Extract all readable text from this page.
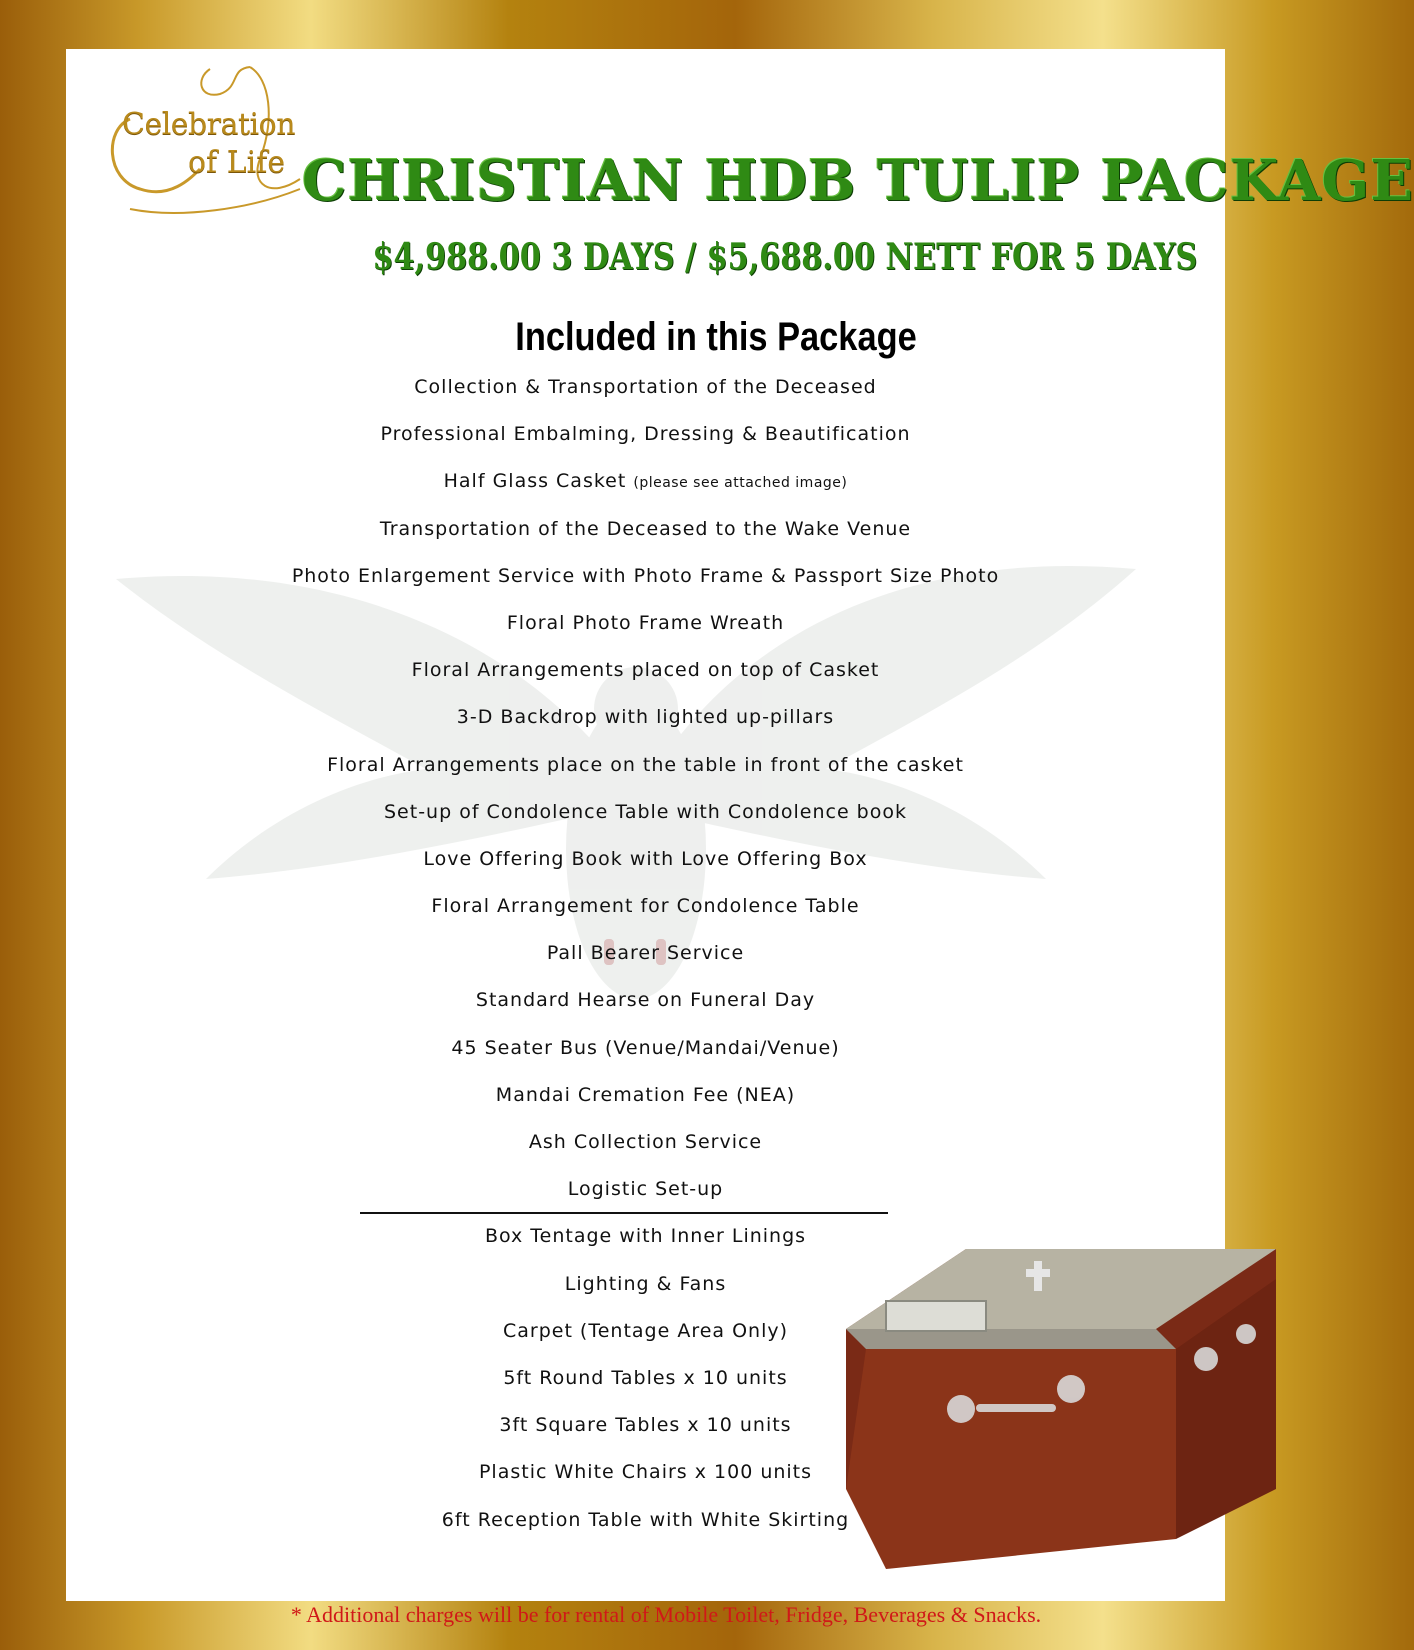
Celebration
of Life CHRISTIAN HDB TULIP PACKAGE

$4,988.00 3 DAYS / $5,688.00 NETT FOR 5 DAYS

Included in this Package
Collection & Transportation of the Deceased
Professional Embalming, Dressing & Beautification
Half Glass Casket (please see attached image)
Transportation of the Deceased to the Wake Venue
Photo Enlargement Service with Photo Frame & Passport Size Photo
Floral Photo Frame Wreath
Floral Arrangements placed on top of Casket
3-D Backdrop with lighted up-pillars
Floral Arrangements place on the table in front of the casket
Set-up of Condolence Table with Condolence book
Love Offering Book with Love Offering Box
Floral Arrangement for Condolence Table
Pall Bearer Service
Standard Hearse on Funeral Day
45 Seater Bus (Venue/Mandai/Venue)
Mandai Cremation Fee (NEA)
Ash Collection Service
Logistic Set-up
Box Tentage with Inner Linings
Lighting & Fans
Carpet (Tentage Area Only)
5ft Round Tables x 10 units
3ft Square Tables x 10 units
Plastic White Chairs x 100 units
6ft Reception Table with White Skirting

* Additional charges will be for rental of Mobile Toilet, Fridge, Beverages & Snacks.
